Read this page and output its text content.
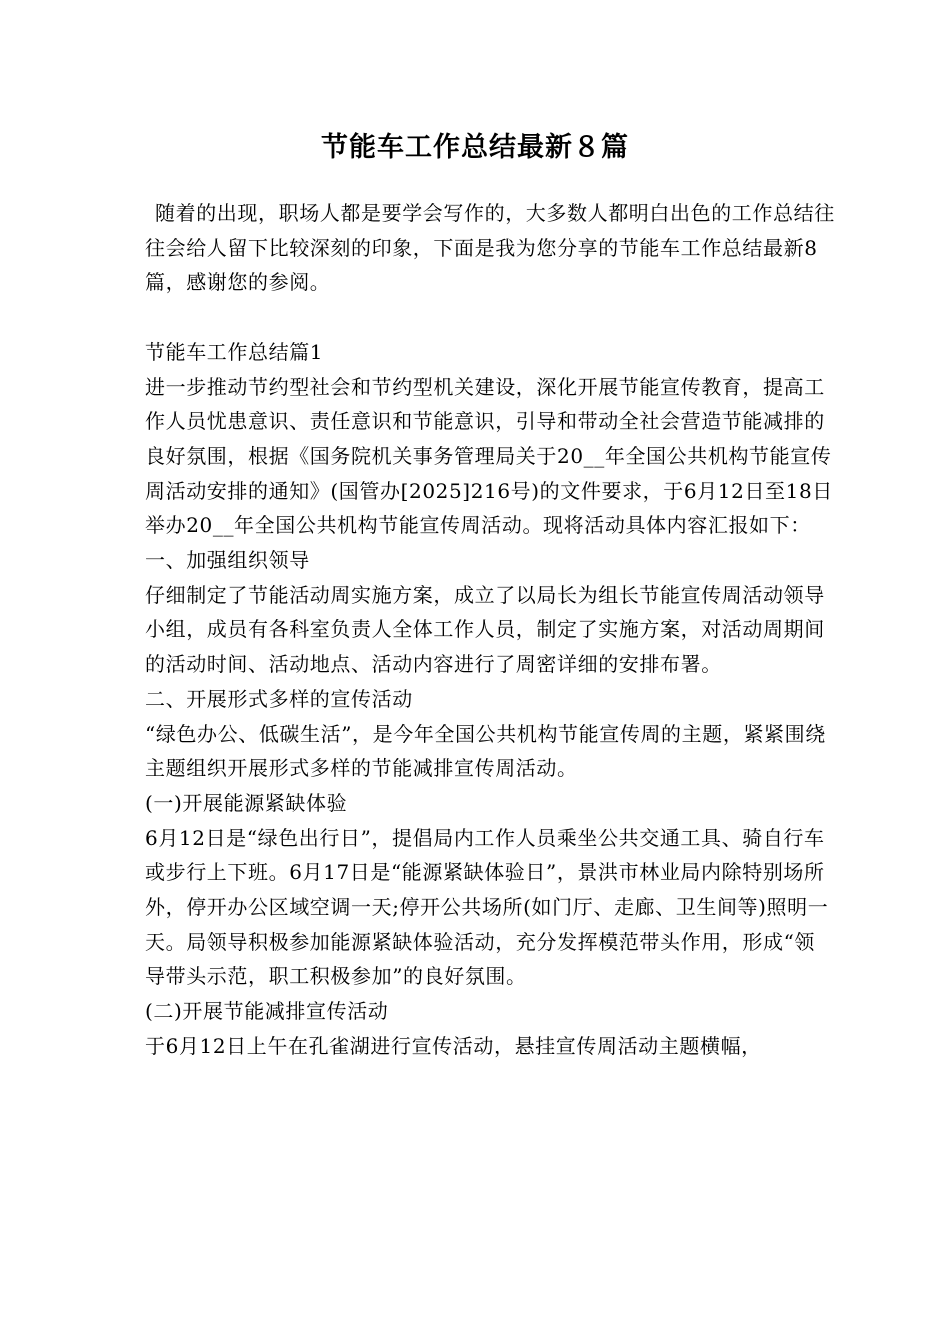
节能车工作总结最新８篇

随着的出现，职场人都是要学会写作的，大多数人都明白出色的工作总结往往会给人留下比较深刻的印象，下面是我为您分享的节能车工作总结最新8篇，感谢您的参阅。

节能车工作总结篇1

进一步推动节约型社会和节约型机关建设，深化开展节能宣传教育，提高工作人员忧患意识、责任意识和节能意识，引导和带动全社会营造节能减排的良好氛围，根据《国务院机关事务管理局关于20__年全国公共机构节能宣传周活动安排的通知》(国管办[2025]216号)的文件要求，于6月12日至18日举办20__年全国公共机构节能宣传周活动。现将活动具体内容汇报如下：

一、加强组织领导

仔细制定了节能活动周实施方案，成立了以局长为组长节能宣传周活动领导小组，成员有各科室负责人全体工作人员，制定了实施方案，对活动周期间的活动时间、活动地点、活动内容进行了周密详细的安排布署。

二、开展形式多样的宣传活动

“绿色办公、低碳生活”，是今年全国公共机构节能宣传周的主题，紧紧围绕主题组织开展形式多样的节能减排宣传周活动。

(一)开展能源紧缺体验

6月12日是“绿色出行日”，提倡局内工作人员乘坐公共交通工具、骑自行车或步行上下班。6月17日是“能源紧缺体验日”，景洪市林业局内除特别场所外，停开办公区域空调一天;停开公共场所(如门厅、走廊、卫生间等)照明一天。局领导积极参加能源紧缺体验活动，充分发挥模范带头作用，形成“领导带头示范，职工积极参加”的良好氛围。

(二)开展节能减排宣传活动

于6月12日上午在孔雀湖进行宣传活动，悬挂宣传周活动主题横幅，
